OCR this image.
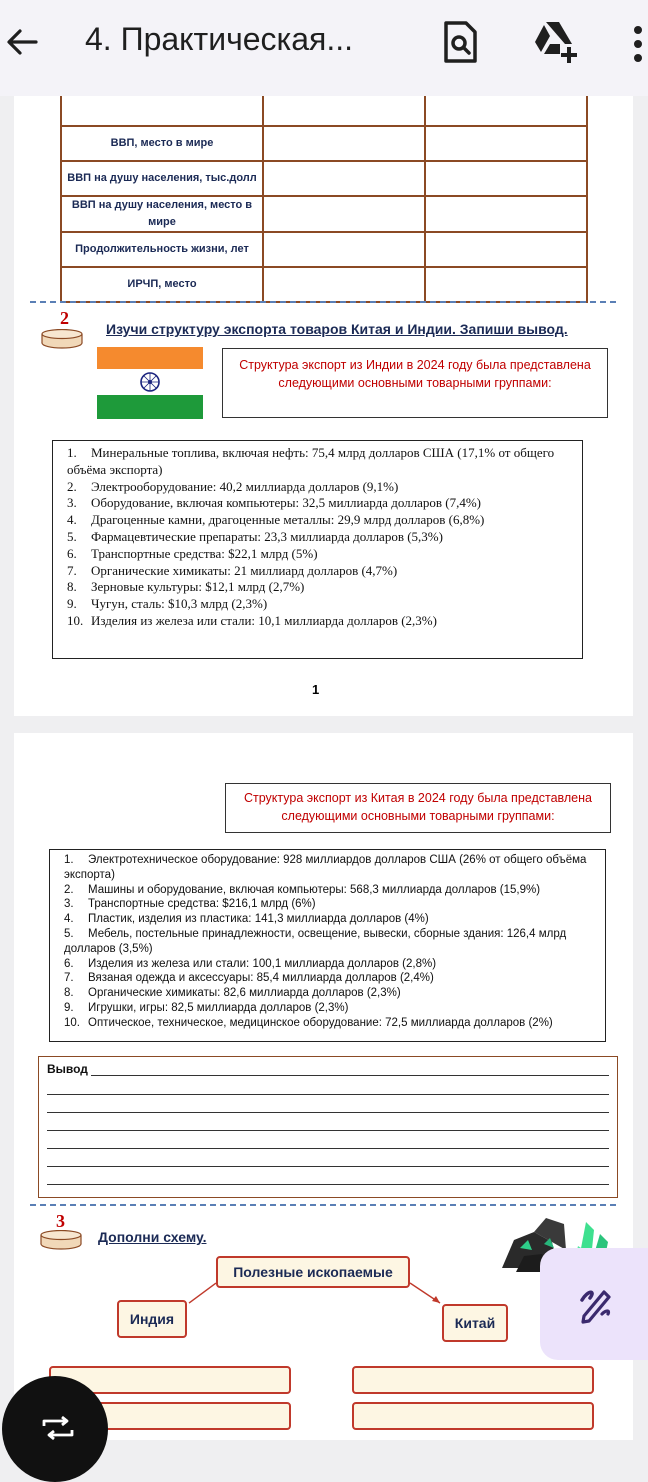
4. Практическая...

ВВП, место в мире		
ВВП на душу населения, тыс.долл		
ВВП на душу населения, место в мире		
Продолжительность жизни, лет		
ИРЧП, место		
2
Изучи структуру экспорта товаров Китая и Индии. Запиши вывод.
Структура экспорт из Индии в 2024 году была представлена следующими основными товарными группами:
1. Минеральные топлива, включая нефть: 75,4 млрд долларов США (17,1% от общего объёма экспорта)
2. Электрооборудование: 40,2 миллиарда долларов (9,1%)
3. Оборудование, включая компьютеры: 32,5 миллиарда долларов (7,4%)
4. Драгоценные камни, драгоценные металлы: 29,9 млрд долларов (6,8%)
5. Фармацевтические препараты: 23,3 миллиарда долларов (5,3%)
6. Транспортные средства: $22,1 млрд (5%)
7. Органические химикаты: 21 миллиард долларов (4,7%)
8. Зерновые культуры: $12,1 млрд (2,7%)
9. Чугун, сталь: $10,3 млрд (2,3%)
10. Изделия из железа или стали: 10,1 миллиарда долларов (2,3%)
1
Структура экспорт из Китая в 2024 году была представлена следующими основными товарными группами:
1. Электротехническое оборудование: 928 миллиардов долларов США (26% от общего объёма экспорта)
2. Машины и оборудование, включая компьютеры: 568,3 миллиарда долларов (15,9%)
3. Транспортные средства: $216,1 млрд (6%)
4. Пластик, изделия из пластика: 141,3 миллиарда долларов (4%)
5. Мебель, постельные принадлежности, освещение, вывески, сборные здания: 126,4 млрд долларов (3,5%)
6. Изделия из железа или стали: 100,1 миллиарда долларов (2,8%)
7. Вязаная одежда и аксессуары: 85,4 миллиарда долларов (2,4%)
8. Органические химикаты: 82,6 миллиарда долларов (2,3%)
9. Игрушки, игры: 82,5 миллиарда долларов (2,3%)
10. Оптическое, техническое, медицинское оборудование: 72,5 миллиарда долларов (2%)
Вывод
3
Дополни схему.
Полезные ископаемые
Индия	Китай
